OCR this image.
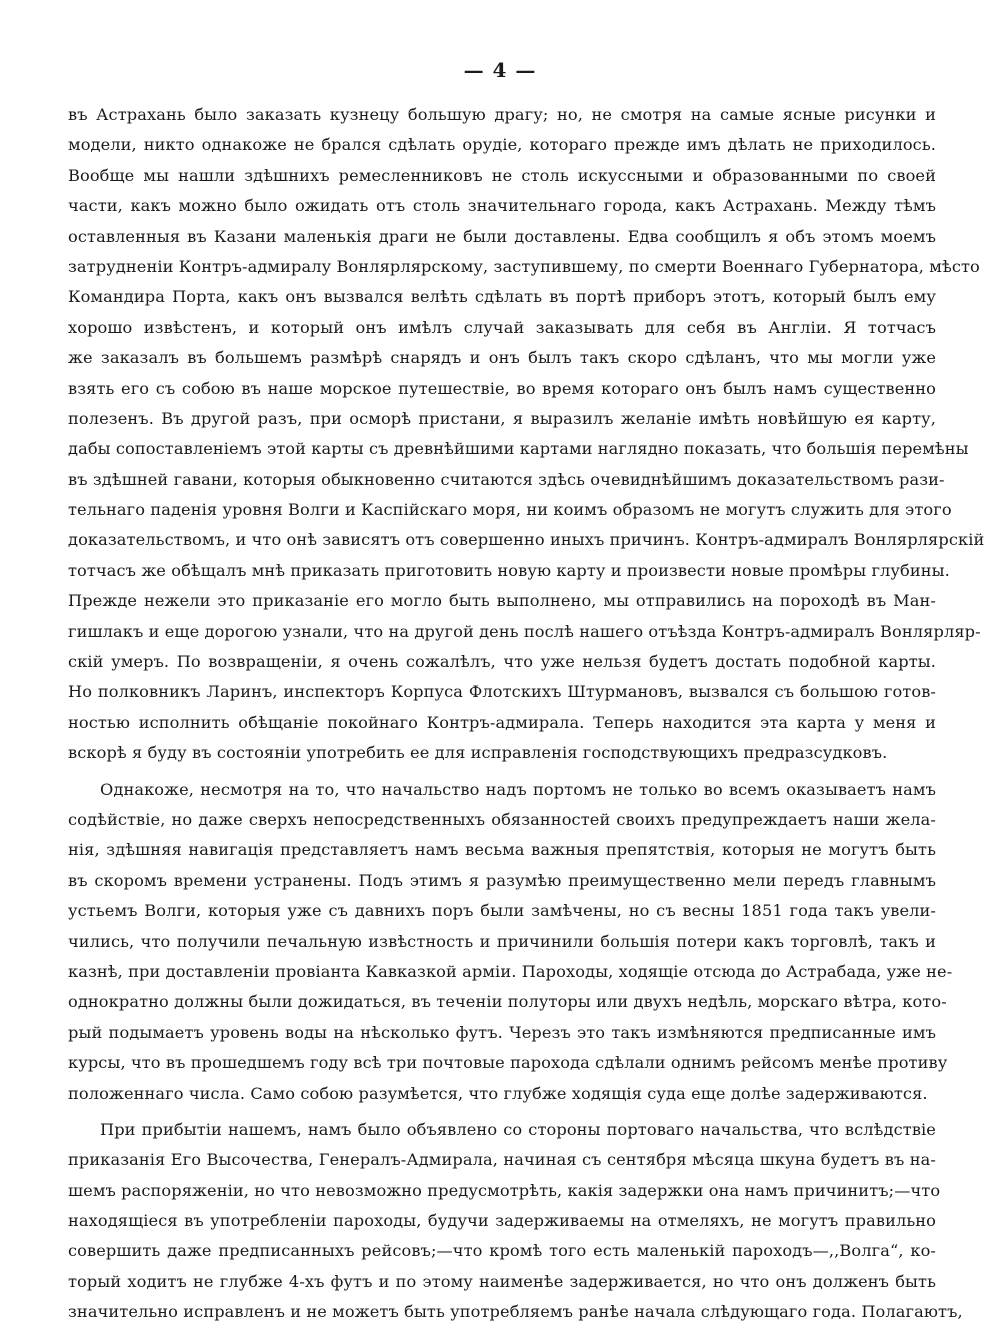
— 4 —
въ Астрахань было заказать кузнецу большую драгу; но, не смотря на самые ясные рисунки и
модели, никто однакоже не брался сдѣлать орудіе, котораго прежде имъ дѣлать не приходилось.
Вообще мы нашли здѣшнихъ ремесленниковъ не столь искусcными и образованными по своей
части, какъ можно было ожидать отъ столь значительнаго города, какъ Астрахань. Между тѣмъ
оставленныя въ Казани маленькія драги не были доставлены. Едва сообщилъ я объ этомъ моемъ
затрудненіи Контръ-адмиралу Вонлярлярскому, заступившему, по смерти Военнаго Губернатора, мѣсто
Командира Порта, какъ онъ вызвался велѣть сдѣлать въ портѣ приборъ этотъ, который былъ ему
хорошо извѣстенъ, и который онъ имѣлъ случай заказывать для себя въ Англіи. Я тотчасъ
же заказалъ въ большемъ размѣрѣ снарядъ и онъ былъ такъ скоро сдѣланъ, что мы могли уже
взять его съ собою въ наше морское путешествіе, во время котораго онъ былъ намъ существенно
полезенъ. Въ другой разъ, при осморѣ пристани, я выразилъ желаніе имѣть новѣйшую ея карту,
дабы сопоставленіемъ этой карты съ древнѣйшими картами наглядно показать, что большія перемѣны
въ здѣшней гавани, которыя обыкновенно считаются здѣсь очевиднѣйшимъ доказательствомъ рази-
тельнаго паденія уровня Волги и Каспійскаго моря, ни коимъ образомъ не могутъ служить для этого
доказательствомъ, и что онѣ зависятъ отъ совершенно иныхъ причинъ. Контръ-адмиралъ Вонлярлярскій
тотчасъ же обѣщалъ мнѣ приказать приготовить новую карту и произвести новые промѣры глубины.
Прежде нежели это приказаніе его могло быть выполнено, мы отправились на пороходѣ въ Ман-
гишлакъ и еще дорогою узнали, что на другой день послѣ нашего отъѣзда Контръ-адмиралъ Вонлярляр-
скій умеръ. По возвращеніи, я очень сожалѣлъ, что уже нельзя будетъ достать подобной карты.
Но полковникъ Ларинъ, инспекторъ Корпуса Флотскихъ Штурмановъ, вызвался съ большою готов-
ностью исполнить обѣщаніе покойнаго Контръ-адмирала. Теперь находится эта карта у меня и
вскорѣ я буду въ состояніи употребить ее для исправленія господствующихъ предразсудковъ.
Однакоже, несмотря на то, что начальство надъ портомъ не только во всемъ оказываетъ намъ
содѣйствіе, но даже сверхъ непосредственныхъ обязанностей своихъ предупреждаетъ наши жела-
нія, здѣшняя навигація представляетъ намъ весьма важныя препятствія, которыя не могутъ быть
въ скоромъ времени устранены. Подъ этимъ я разумѣю преимущественно мели передъ главнымъ
устьемъ Волги, которыя уже съ давнихъ поръ были замѣчены, но съ весны 1851 года такъ увели-
чились, что получили печальную извѣстность и причинили большія потери какъ торговлѣ, такъ и
казнѣ, при доставленіи провіанта Кавказкой арміи. Пароходы, ходящіе отсюда до Астрабада, уже не-
однократно должны были дожидаться, въ теченіи полуторы или двухъ недѣль, морскаго вѣтра, кото-
рый подымаетъ уровень воды на нѣсколько футъ. Черезъ это такъ измѣняются предписанные имъ
курсы, что въ прошедшемъ году всѣ три почтовые парохода сдѣлали однимъ рейсомъ менѣе противу
положеннаго числа. Само собою разумѣется, что глубже ходящія суда еще долѣе задерживаются.
При прибытіи нашемъ, намъ было объявлено со стороны портоваго начальства, что вслѣдствіе
приказанія Его Высочества, Генералъ-Адмирала, начиная съ сентября мѣсяца шкуна будетъ въ на-
шемъ распоряженіи, но что невозможно предусмотрѣть, какія задержки она намъ причинитъ;—что
находящіеся въ употребленіи пароходы, будучи задерживаемы на отмеляхъ, не могутъ правильно
совершить даже предписанныхъ рейсовъ;—что кромѣ того есть маленькій пароходъ—,,Волга“, ко-
торый ходитъ не глубже 4-хъ футъ и по этому наименѣе задерживается, но что онъ долженъ быть
значительно исправленъ и не можетъ быть употребляемъ ранѣе начала слѣдующаго года. Полагаютъ,
